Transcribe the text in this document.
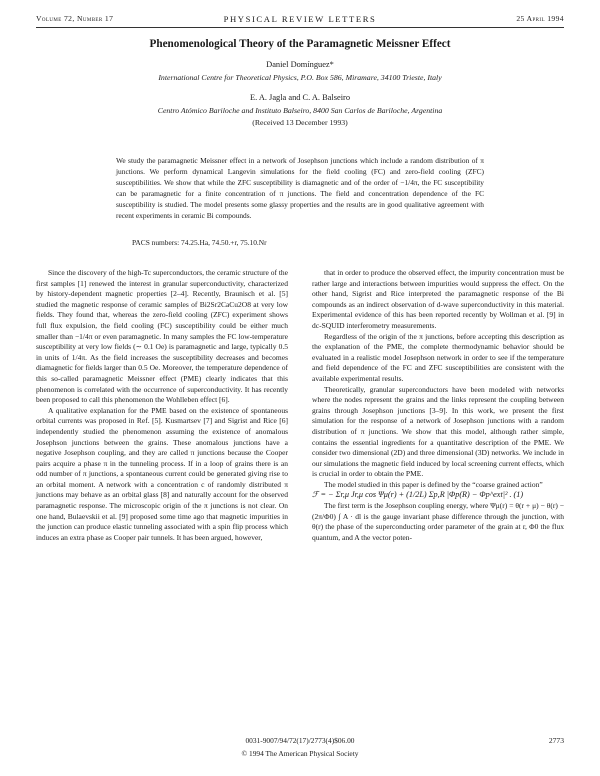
Volume 72, Number 17	PHYSICAL REVIEW LETTERS	25 April 1994
Phenomenological Theory of the Paramagnetic Meissner Effect
Daniel Domínguez*
International Centre for Theoretical Physics, P.O. Box 586, Miramare, 34100 Trieste, Italy
E. A. Jagla and C. A. Balseiro
Centro Atómico Bariloche and Instituto Balseiro, 8400 San Carlos de Bariloche, Argentina
(Received 13 December 1993)
We study the paramagnetic Meissner effect in a network of Josephson junctions which include a random distribution of π junctions. We perform dynamical Langevin simulations for the field cooling (FC) and zero-field cooling (ZFC) susceptibilities. We show that while the ZFC susceptibility is diamagnetic and of the order of −1/4π, the FC susceptibility can be paramagnetic for a finite concentration of π junctions. The field and concentration dependence of the FC susceptibility is studied. The model presents some glassy properties and the results are in good qualitative agreement with recent experiments in ceramic Bi compounds.
PACS numbers: 74.25.Ha, 74.50.+r, 75.10.Nr

Since the discovery of the high-Tc superconductors, the ceramic structure of the first samples [1] renewed the interest in granular superconductivity, characterized by history-dependent magnetic properties [2–4]. Recently, Braunisch et al. [5] studied the magnetic response of ceramic samples of Bi2Sr2CaCu2O8 at very low fields. They found that, whereas the zero-field cooling (ZFC) experiment shows full flux expulsion, the field cooling (FC) susceptibility could be either much smaller than −1/4π or even paramagnetic. In many samples the FC low-temperature susceptibility at very low fields (∼ 0.1 Oe) is paramagnetic and large, typically 0.5 in units of 1/4π. As the field increases the susceptibility decreases and becomes diamagnetic for fields larger than 0.5 Oe. Moreover, the temperature dependence of this so-called paramagnetic Meissner effect (PME) clearly indicates that this phenomenon is correlated with the occurrence of superconductivity. It has recently been proposed to call this phenomenon the Wohlleben effect [6].

A qualitative explanation for the PME based on the existence of spontaneous orbital currents was proposed in Ref. [5]. Kusmartsev [7] and Sigrist and Rice [6] independently studied the phenomenon assuming the existence of anomalous Josephson junctions between the grains. These anomalous junctions have a negative Josephson coupling, and they are called π junctions because the Cooper pairs acquire a phase π in the tunneling process. If in a loop of grains there is an odd number of π junctions, a spontaneous current could be generated giving rise to an orbital moment. A network with a concentration c of randomly distributed π junctions may behave as an orbital glass [8] and naturally account for the observed paramagnetic response. The microscopic origin of the π junctions is not clear. On one hand, Bulaevskii et al. [9] proposed some time ago that magnetic impurities in the junction can produce elastic tunneling associated with a spin flip process which induces an extra phase as Cooper pair tunnels. It has been argued, however,

that in order to produce the observed effect, the impurity concentration must be rather large and interactions between impurities would suppress the effect. On the other hand, Sigrist and Rice interpreted the paramagnetic response of the Bi compounds as an indirect observation of d-wave superconductivity in this material. Experimental evidence of this has been reported recently by Wollman et al. [9] in dc-SQUID interferometry measurements.

Regardless of the origin of the π junctions, before accepting this description as the explanation of the PME, the complete thermodynamic behavior should be evaluated in a realistic model Josephson network in order to see if the temperature and field dependence of the FC and ZFC susceptibilities are consistent with the available experimental results.

Theoretically, granular superconductors have been modeled with networks where the nodes represent the grains and the links represent the coupling between grains through Josephson junctions [3–9]. In this work, we present the first simulation for the response of a network of Josephson junctions with a random distribution of π junctions. We show that this model, although rather simple, contains the essential ingredients for a quantitative description of the PME. We consider two dimensional (2D) and three dimensional (3D) networks. We include in our simulations the magnetic field induced by local screening current effects, which is crucial in order to obtain the PME.

The model studied in this paper is defined by the “coarse grained action”

ℱ = − Σr,μ Jr,μ cos Ψμ(r) + (1/2L) Σp,R |Φp(R) − Φp^ext|² . (1)

The first term is the Josephson coupling energy, where Ψμ(r) = θ(r + μ) − θ(r) − (2π/Φ0) ∫ A · dl is the gauge invariant phase difference through the junction, with θ(r) the phase of the superconducting order parameter of the grain at r, Φ0 the flux quantum, and A the vector poten-

0031-9007/94/72(17)/2773(4)$06.00
© 1994 The American Physical Society
2773
